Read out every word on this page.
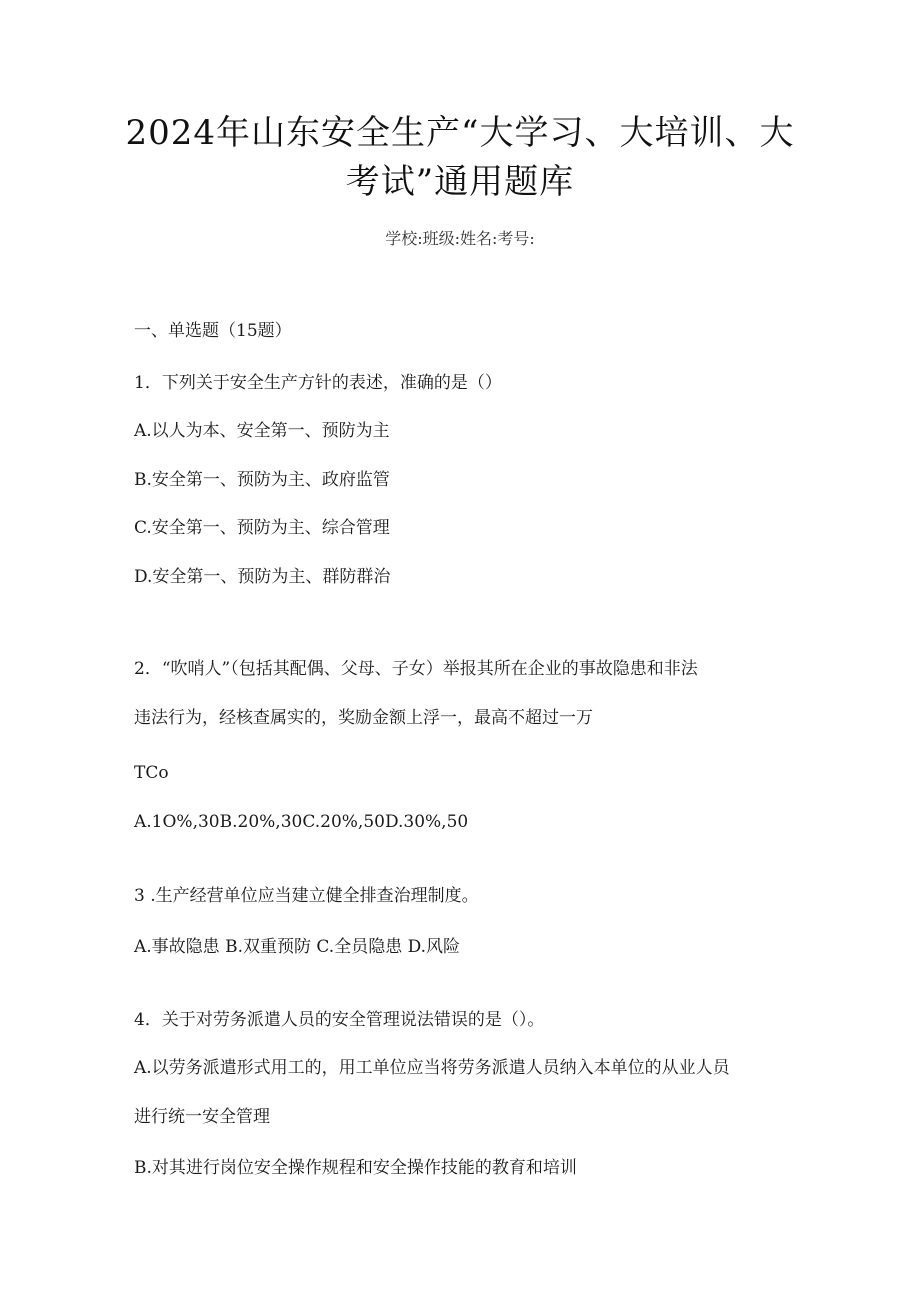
2024年山东安全生产“大学习、大培训、大
考试”通用题库
学校:班级:姓名:考号:
一、单选题（15题）
1．下列关于安全生产方针的表述，准确的是（）
A.以人为本、安全第一、预防为主
B.安全第一、预防为主、政府监管
C.安全第一、预防为主、综合管理
D.安全第一、预防为主、群防群治
2．“吹哨人”（包括其配偶、父母、子女）举报其所在企业的事故隐患和非法
违法行为，经核查属实的，奖励金额上浮一，最高不超过一万
TCo
A.1O%,30B.20%,30C.20%,50D.30%,50
3 .生产经营单位应当建立健全排查治理制度。
A.事故隐患 B.双重预防 C.全员隐患 D.风险
4．关于对劳务派遣人员的安全管理说法错误的是（）。
A.以劳务派遣形式用工的，用工单位应当将劳务派遣人员纳入本单位的从业人员
进行统一安全管理
B.对其进行岗位安全操作规程和安全操作技能的教育和培训
